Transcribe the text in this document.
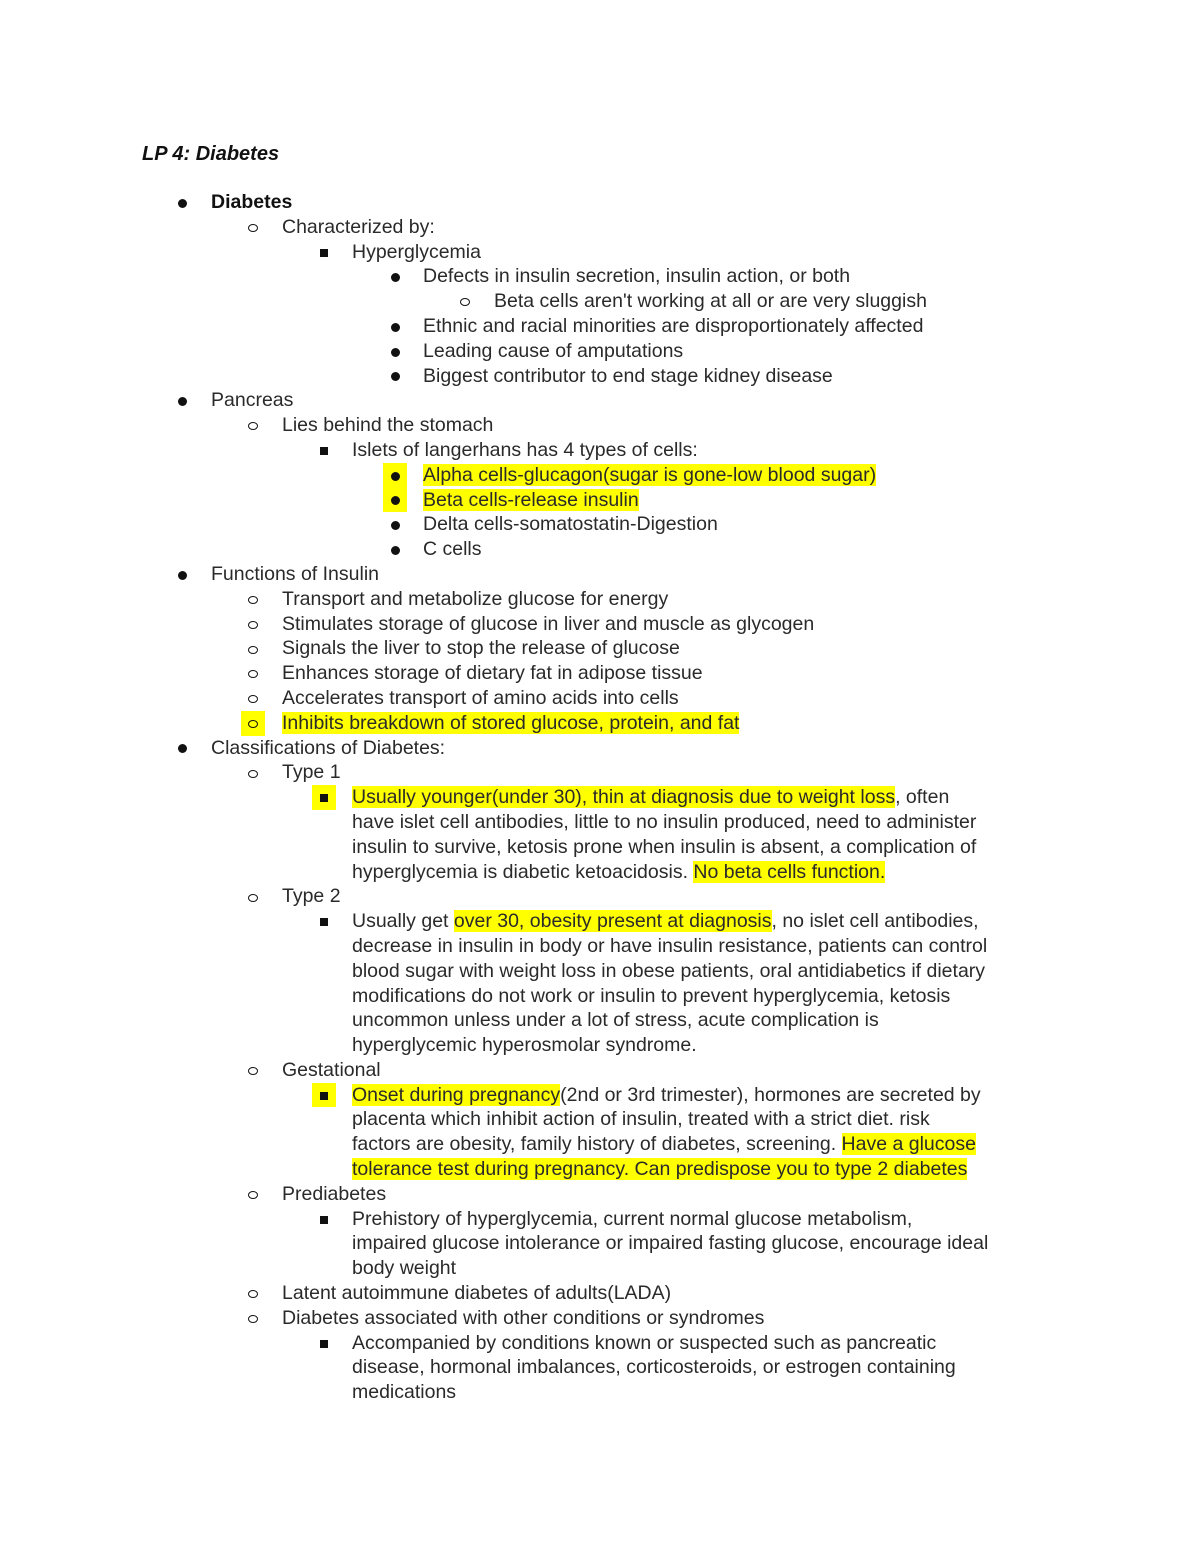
LP 4: Diabetes
Diabetes
Characterized by:
Hyperglycemia
Defects in insulin secretion, insulin action, or both
Beta cells aren't working at all or are very sluggish
Ethnic and racial minorities are disproportionately affected
Leading cause of amputations
Biggest contributor to end stage kidney disease
Pancreas
Lies behind the stomach
Islets of langerhans has 4 types of cells:
Alpha cells-glucagon(sugar is gone-low blood sugar)
Beta cells-release insulin
Delta cells-somatostatin-Digestion
C cells
Functions of Insulin
Transport and metabolize glucose for energy
Stimulates storage of glucose in liver and muscle as glycogen
Signals the liver to stop the release of glucose
Enhances storage of dietary fat in adipose tissue
Accelerates transport of amino acids into cells
Inhibits breakdown of stored glucose, protein, and fat
Classifications of Diabetes:
Type 1
Usually younger(under 30), thin at diagnosis due to weight loss, often
have islet cell antibodies, little to no insulin produced, need to administer
insulin to survive, ketosis prone when insulin is absent, a complication of
hyperglycemia is diabetic ketoacidosis. No beta cells function.
Type 2
Usually get over 30, obesity present at diagnosis, no islet cell antibodies,
decrease in insulin in body or have insulin resistance, patients can control
blood sugar with weight loss in obese patients, oral antidiabetics if dietary
modifications do not work or insulin to prevent hyperglycemia, ketosis
uncommon unless under a lot of stress, acute complication is
hyperglycemic hyperosmolar syndrome.
Gestational
Onset during pregnancy(2nd or 3rd trimester), hormones are secreted by
placenta which inhibit action of insulin, treated with a strict diet. risk
factors are obesity, family history of diabetes, screening. Have a glucose
tolerance test during pregnancy. Can predispose you to type 2 diabetes
Prediabetes
Prehistory of hyperglycemia, current normal glucose metabolism,
impaired glucose intolerance or impaired fasting glucose, encourage ideal
body weight
Latent autoimmune diabetes of adults(LADA)
Diabetes associated with other conditions or syndromes
Accompanied by conditions known or suspected such as pancreatic
disease, hormonal imbalances, corticosteroids, or estrogen containing
medications
